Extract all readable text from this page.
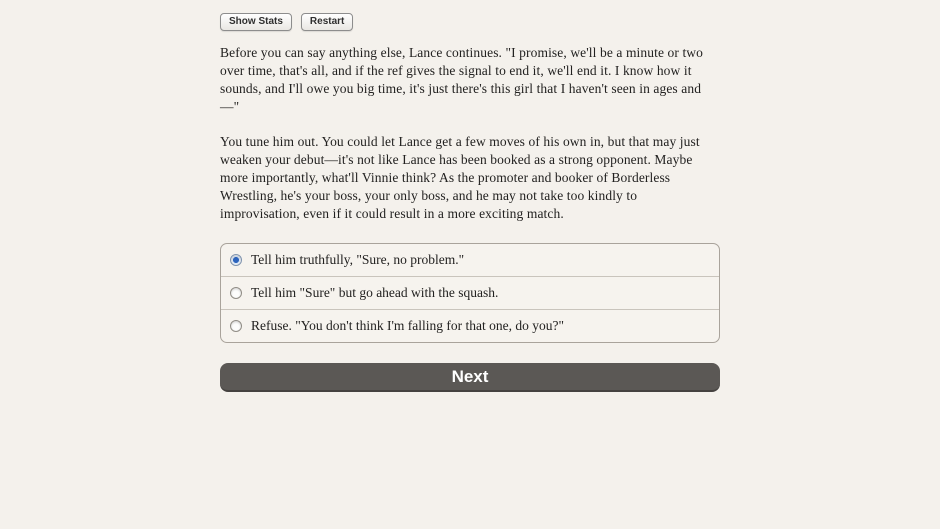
Show Stats	Restart

Before you can say anything else, Lance continues. "I promise, we'll be a minute or two over time, that's all, and if the ref gives the signal to end it, we'll end it. I know how it sounds, and I'll owe you big time, it's just there's this girl that I haven't seen in ages and—"

You tune him out. You could let Lance get a few moves of his own in, but that may just weaken your debut—it's not like Lance has been booked as a strong opponent. Maybe more importantly, what'll Vinnie think? As the promoter and booker of Borderless Wrestling, he's your boss, your only boss, and he may not take too kindly to improvisation, even if it could result in a more exciting match.

Tell him truthfully, "Sure, no problem."
Tell him "Sure" but go ahead with the squash.
Refuse. "You don't think I'm falling for that one, do you?"
Next
